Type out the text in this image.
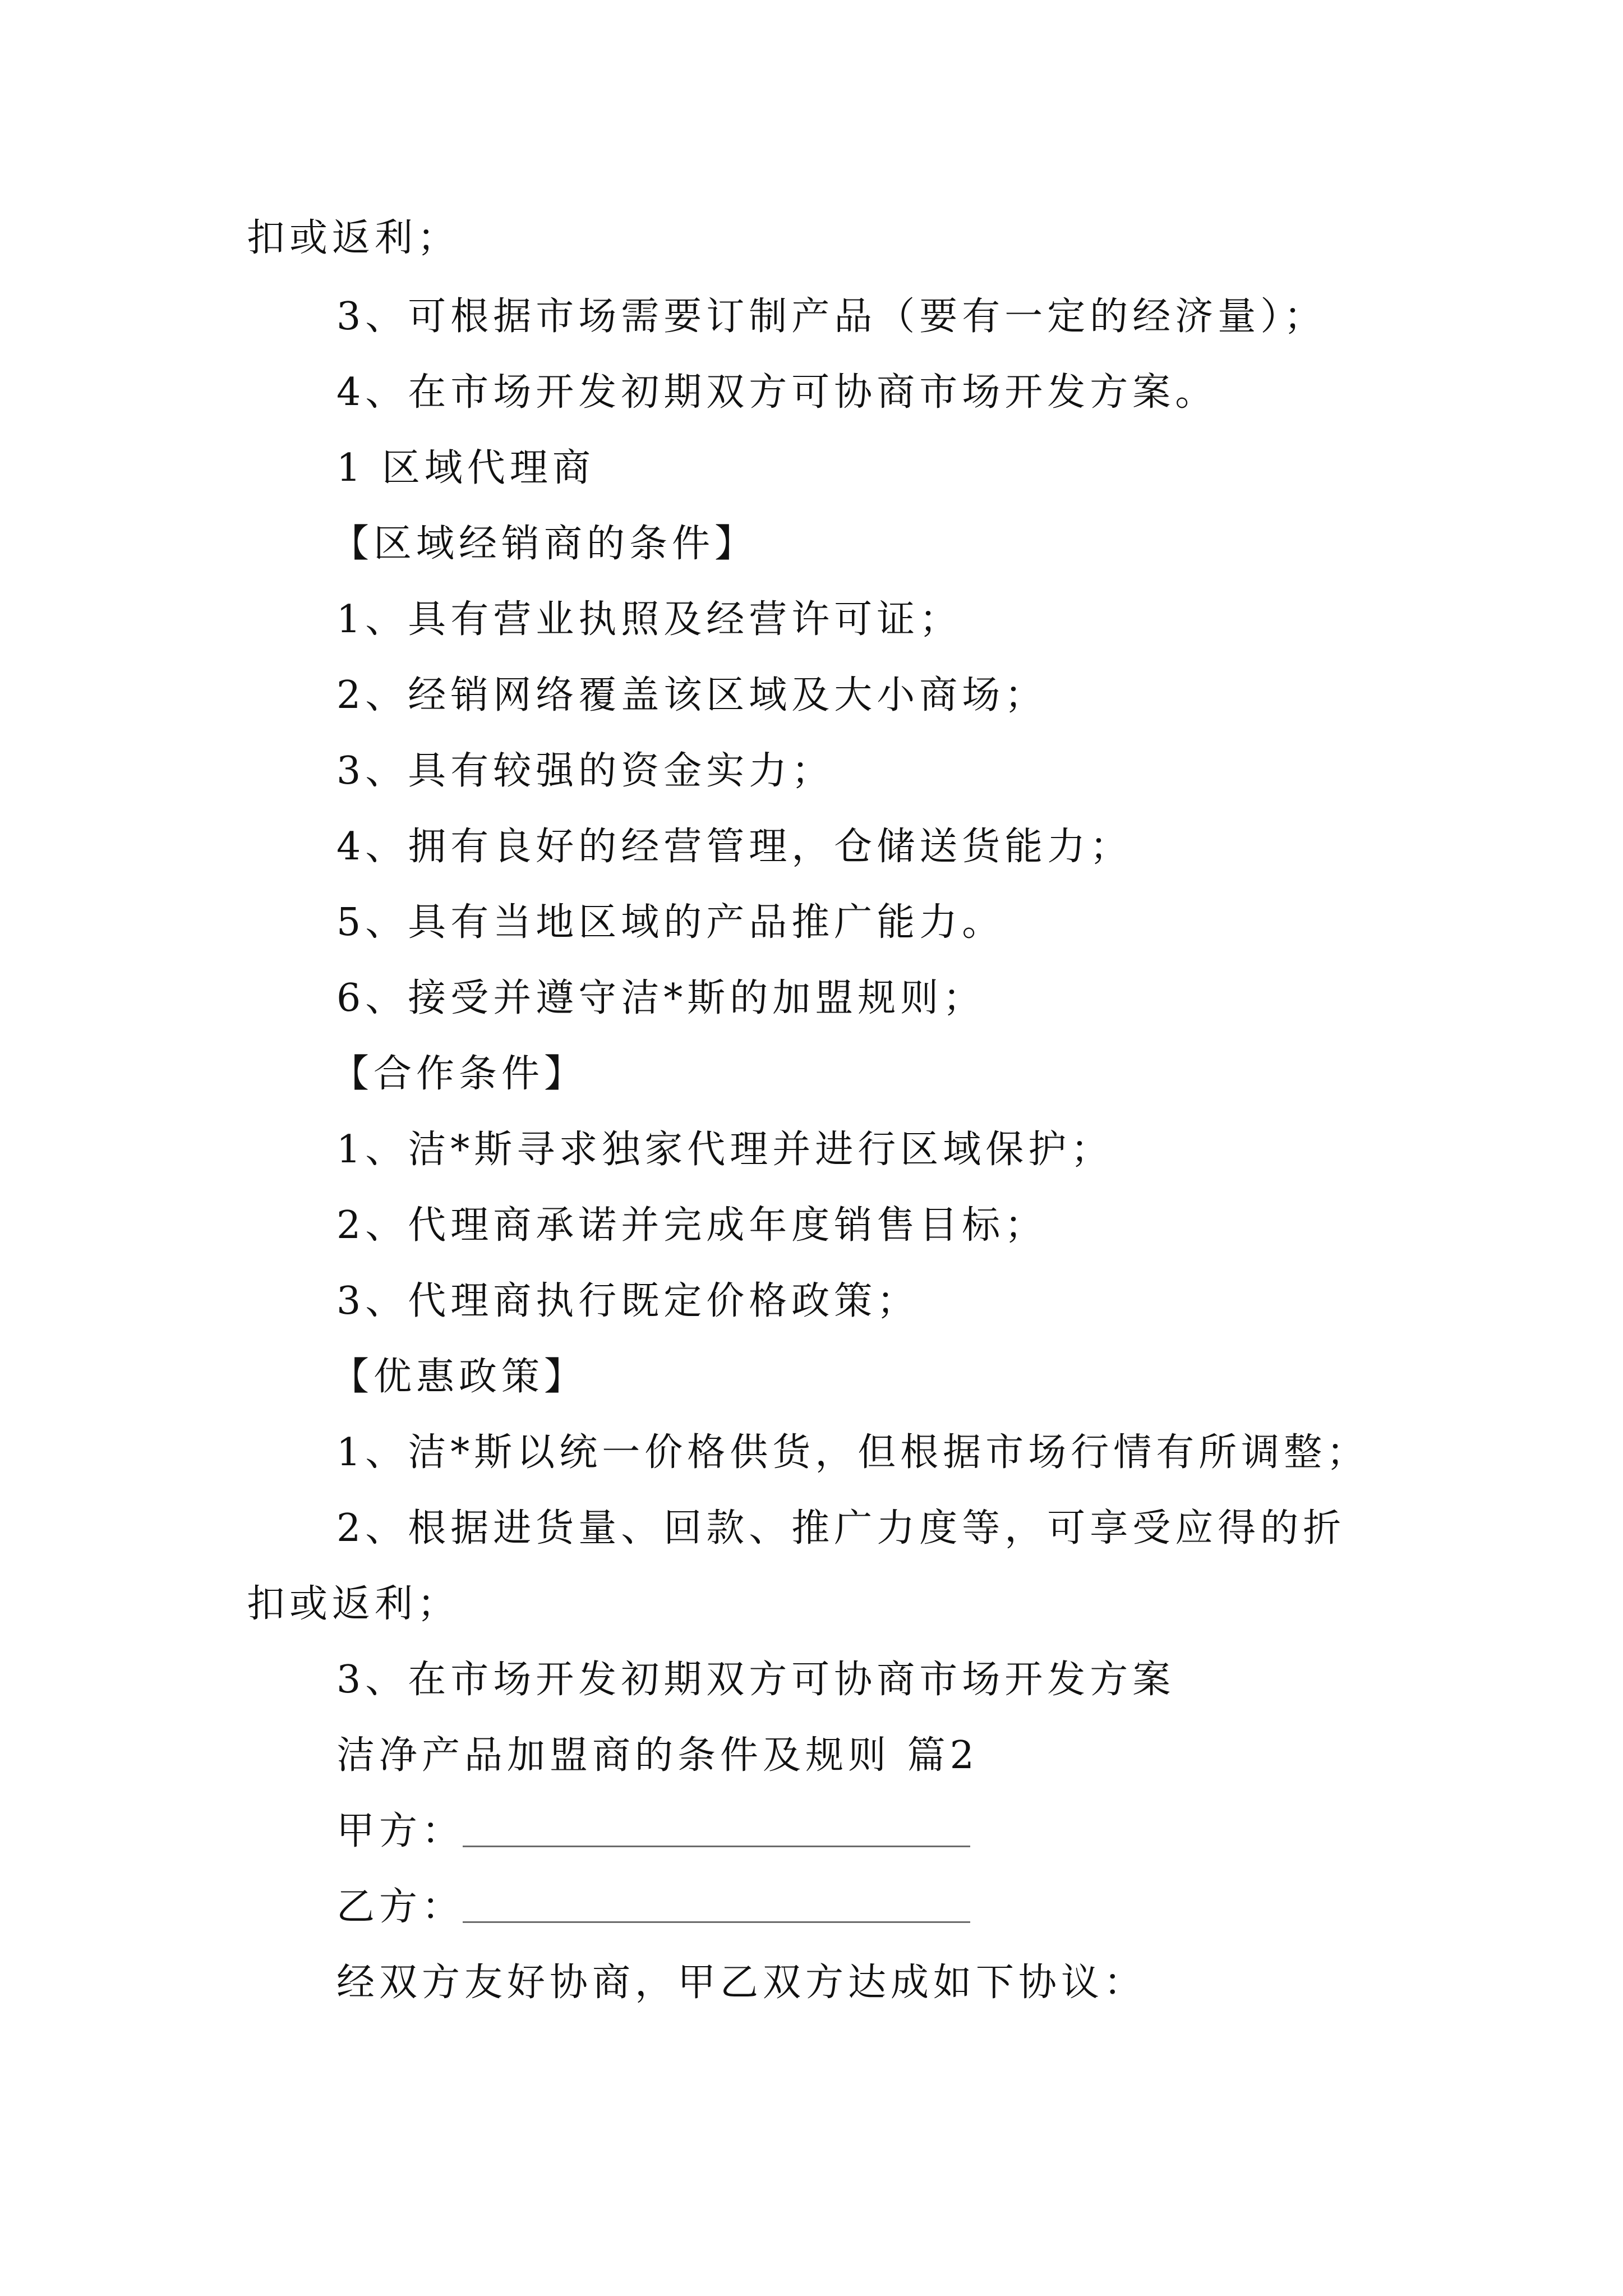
扣或返利；
3、可根据市场需要订制产品（要有一定的经济量）；
4、在市场开发初期双方可协商市场开发方案。
1 区域代理商
【区域经销商的条件】
1、具有营业执照及经营许可证；
2、经销网络覆盖该区域及大小商场；
3、具有较强的资金实力；
4、拥有良好的经营管理，仓储送货能力；
5、具有当地区域的产品推广能力。
6、接受并遵守洁*斯的加盟规则；
【合作条件】
1、洁*斯寻求独家代理并进行区域保护；
2、代理商承诺并完成年度销售目标；
3、代理商执行既定价格政策；
【优惠政策】
1、洁*斯以统一价格供货，但根据市场行情有所调整；
2、根据进货量、回款、推广力度等，可享受应得的折
扣或返利；
3、在市场开发初期双方可协商市场开发方案
洁净产品加盟商的条件及规则 篇2
甲方：
乙方：
经双方友好协商，甲乙双方达成如下协议：
